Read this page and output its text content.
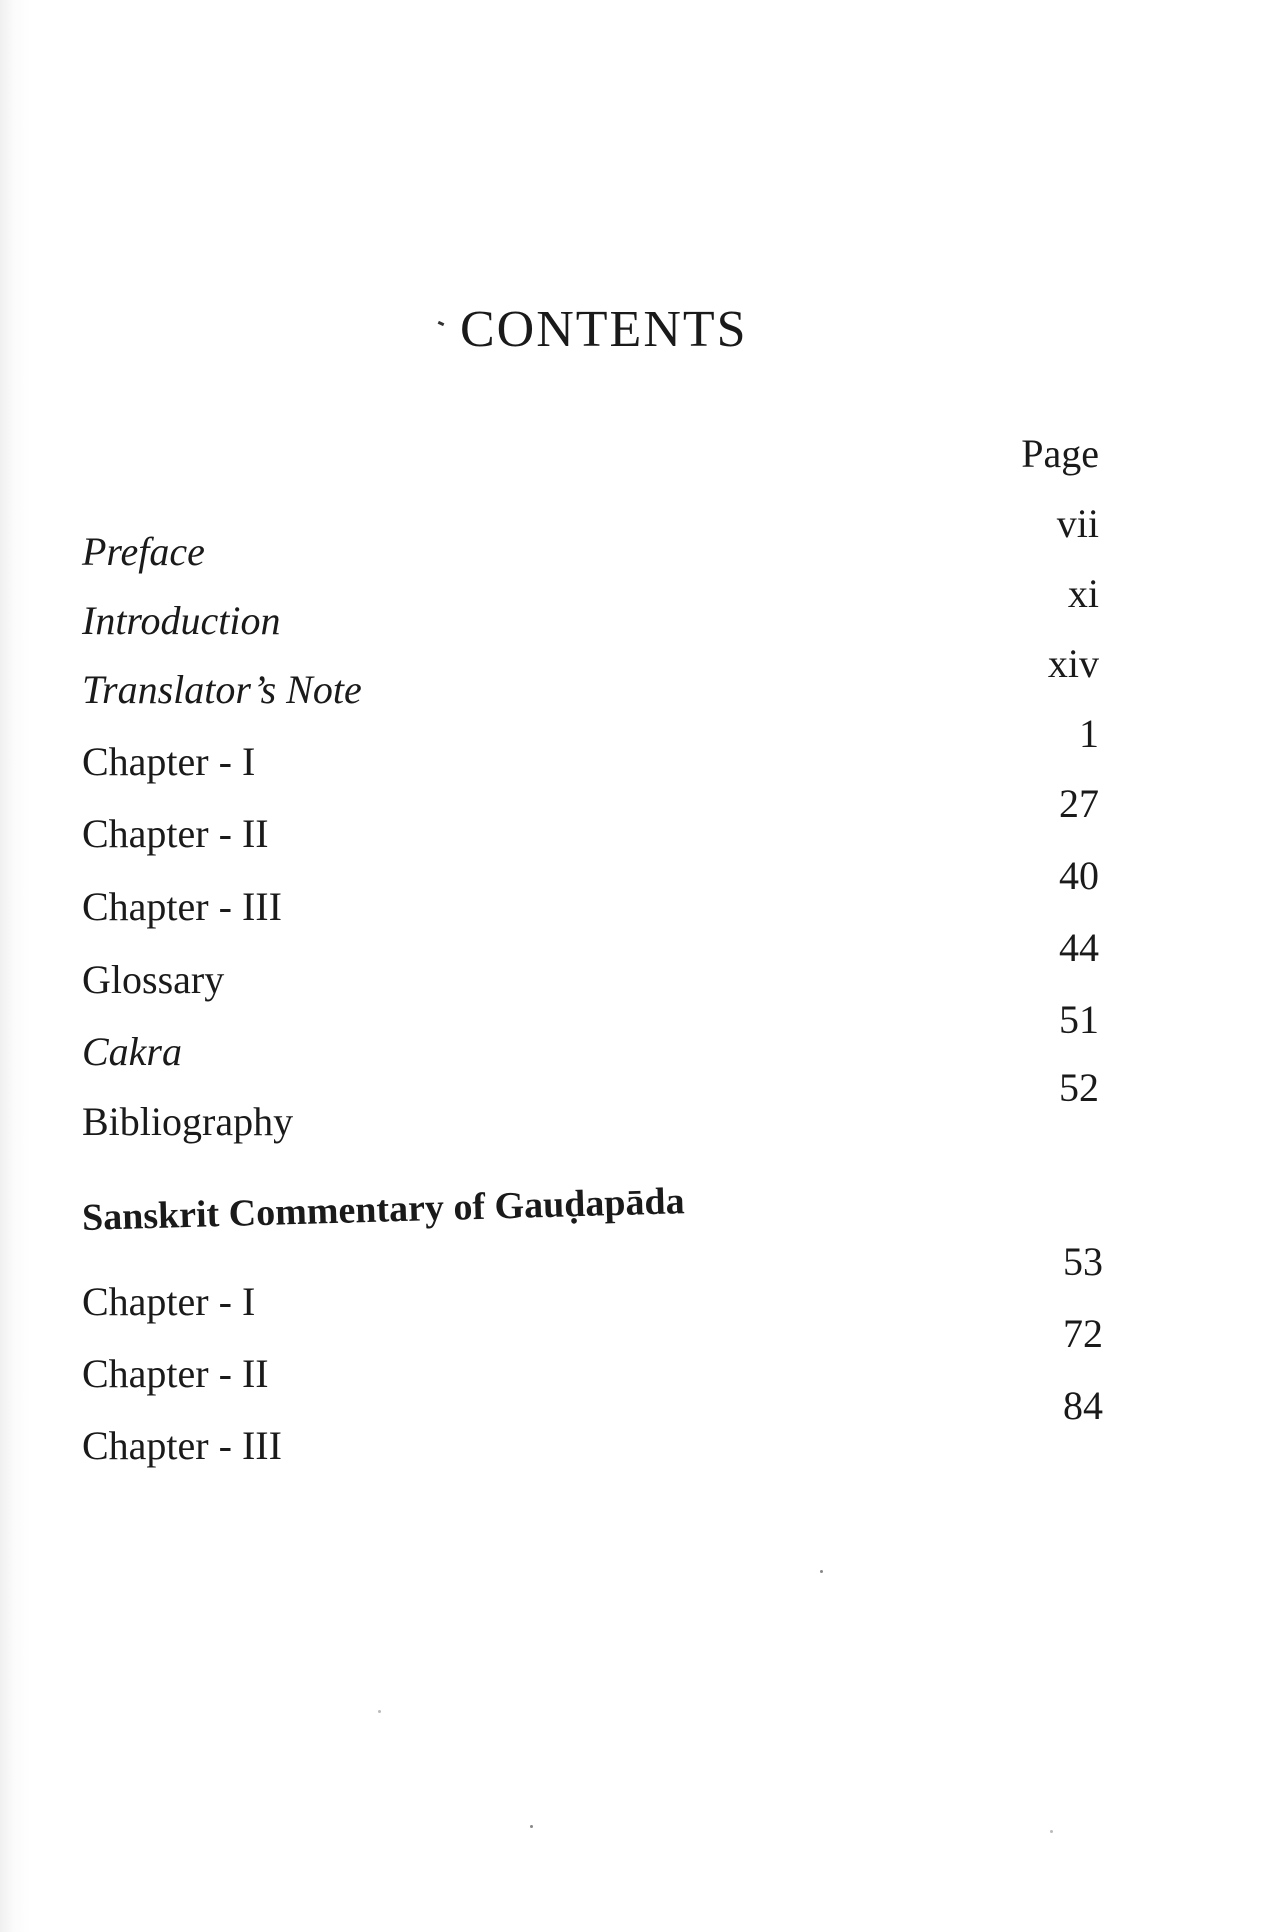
CONTENTS
Page
Preface
Introduction
Translator’s Note
Chapter - I
Chapter - II
Chapter - III
Glossary
Cakra
Bibliography
vii
xi
xiv
1
27
40
44
51
52
Sanskrit Commentary of Gauḍapāda
Chapter - I
Chapter - II
Chapter - III
53
72
84
